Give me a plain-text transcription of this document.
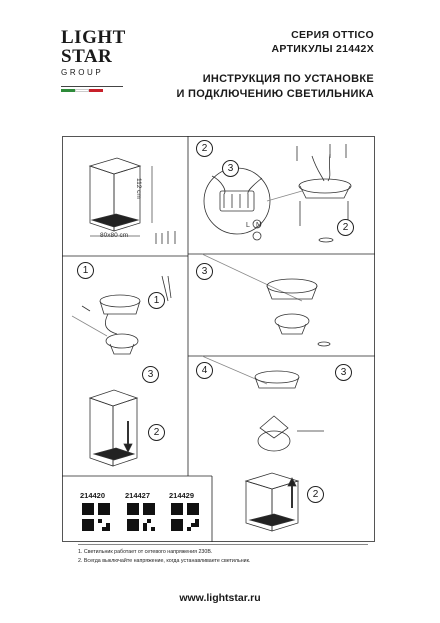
LIGHT
STAR
GROUP
СЕРИЯ OTTICO
АРТИКУЛЫ 21442X
ИНСТРУКЦИЯ ПО УСТАНОВКЕ
И ПОДКЛЮЧЕНИЮ СВЕТИЛЬНИКА
2
3
2
1
1
3
2
3
4	3
2
L N
112 cm
80x80 cm
214420	214427	214429
1. Светильник работает от сетевого напряжения 230В.
2. Всегда выключайте напряжение, когда устанавливаете светильник.
www.lightstar.ru
